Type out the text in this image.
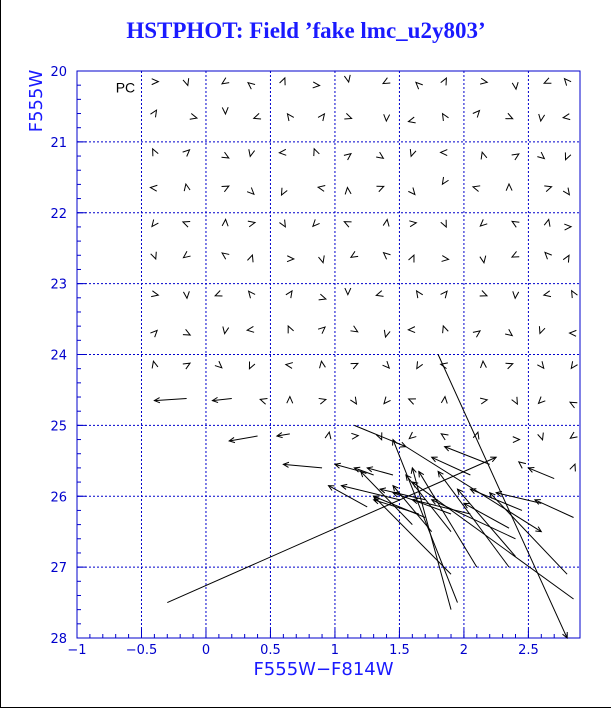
HSTPHOT: Field ’fake lmc_u2y803’
−1	−0.5	0	0.5	1	1.5	2	2.5
20
21
22
23
24
25
26
27
28
PC
F555W−F814W
F555W
